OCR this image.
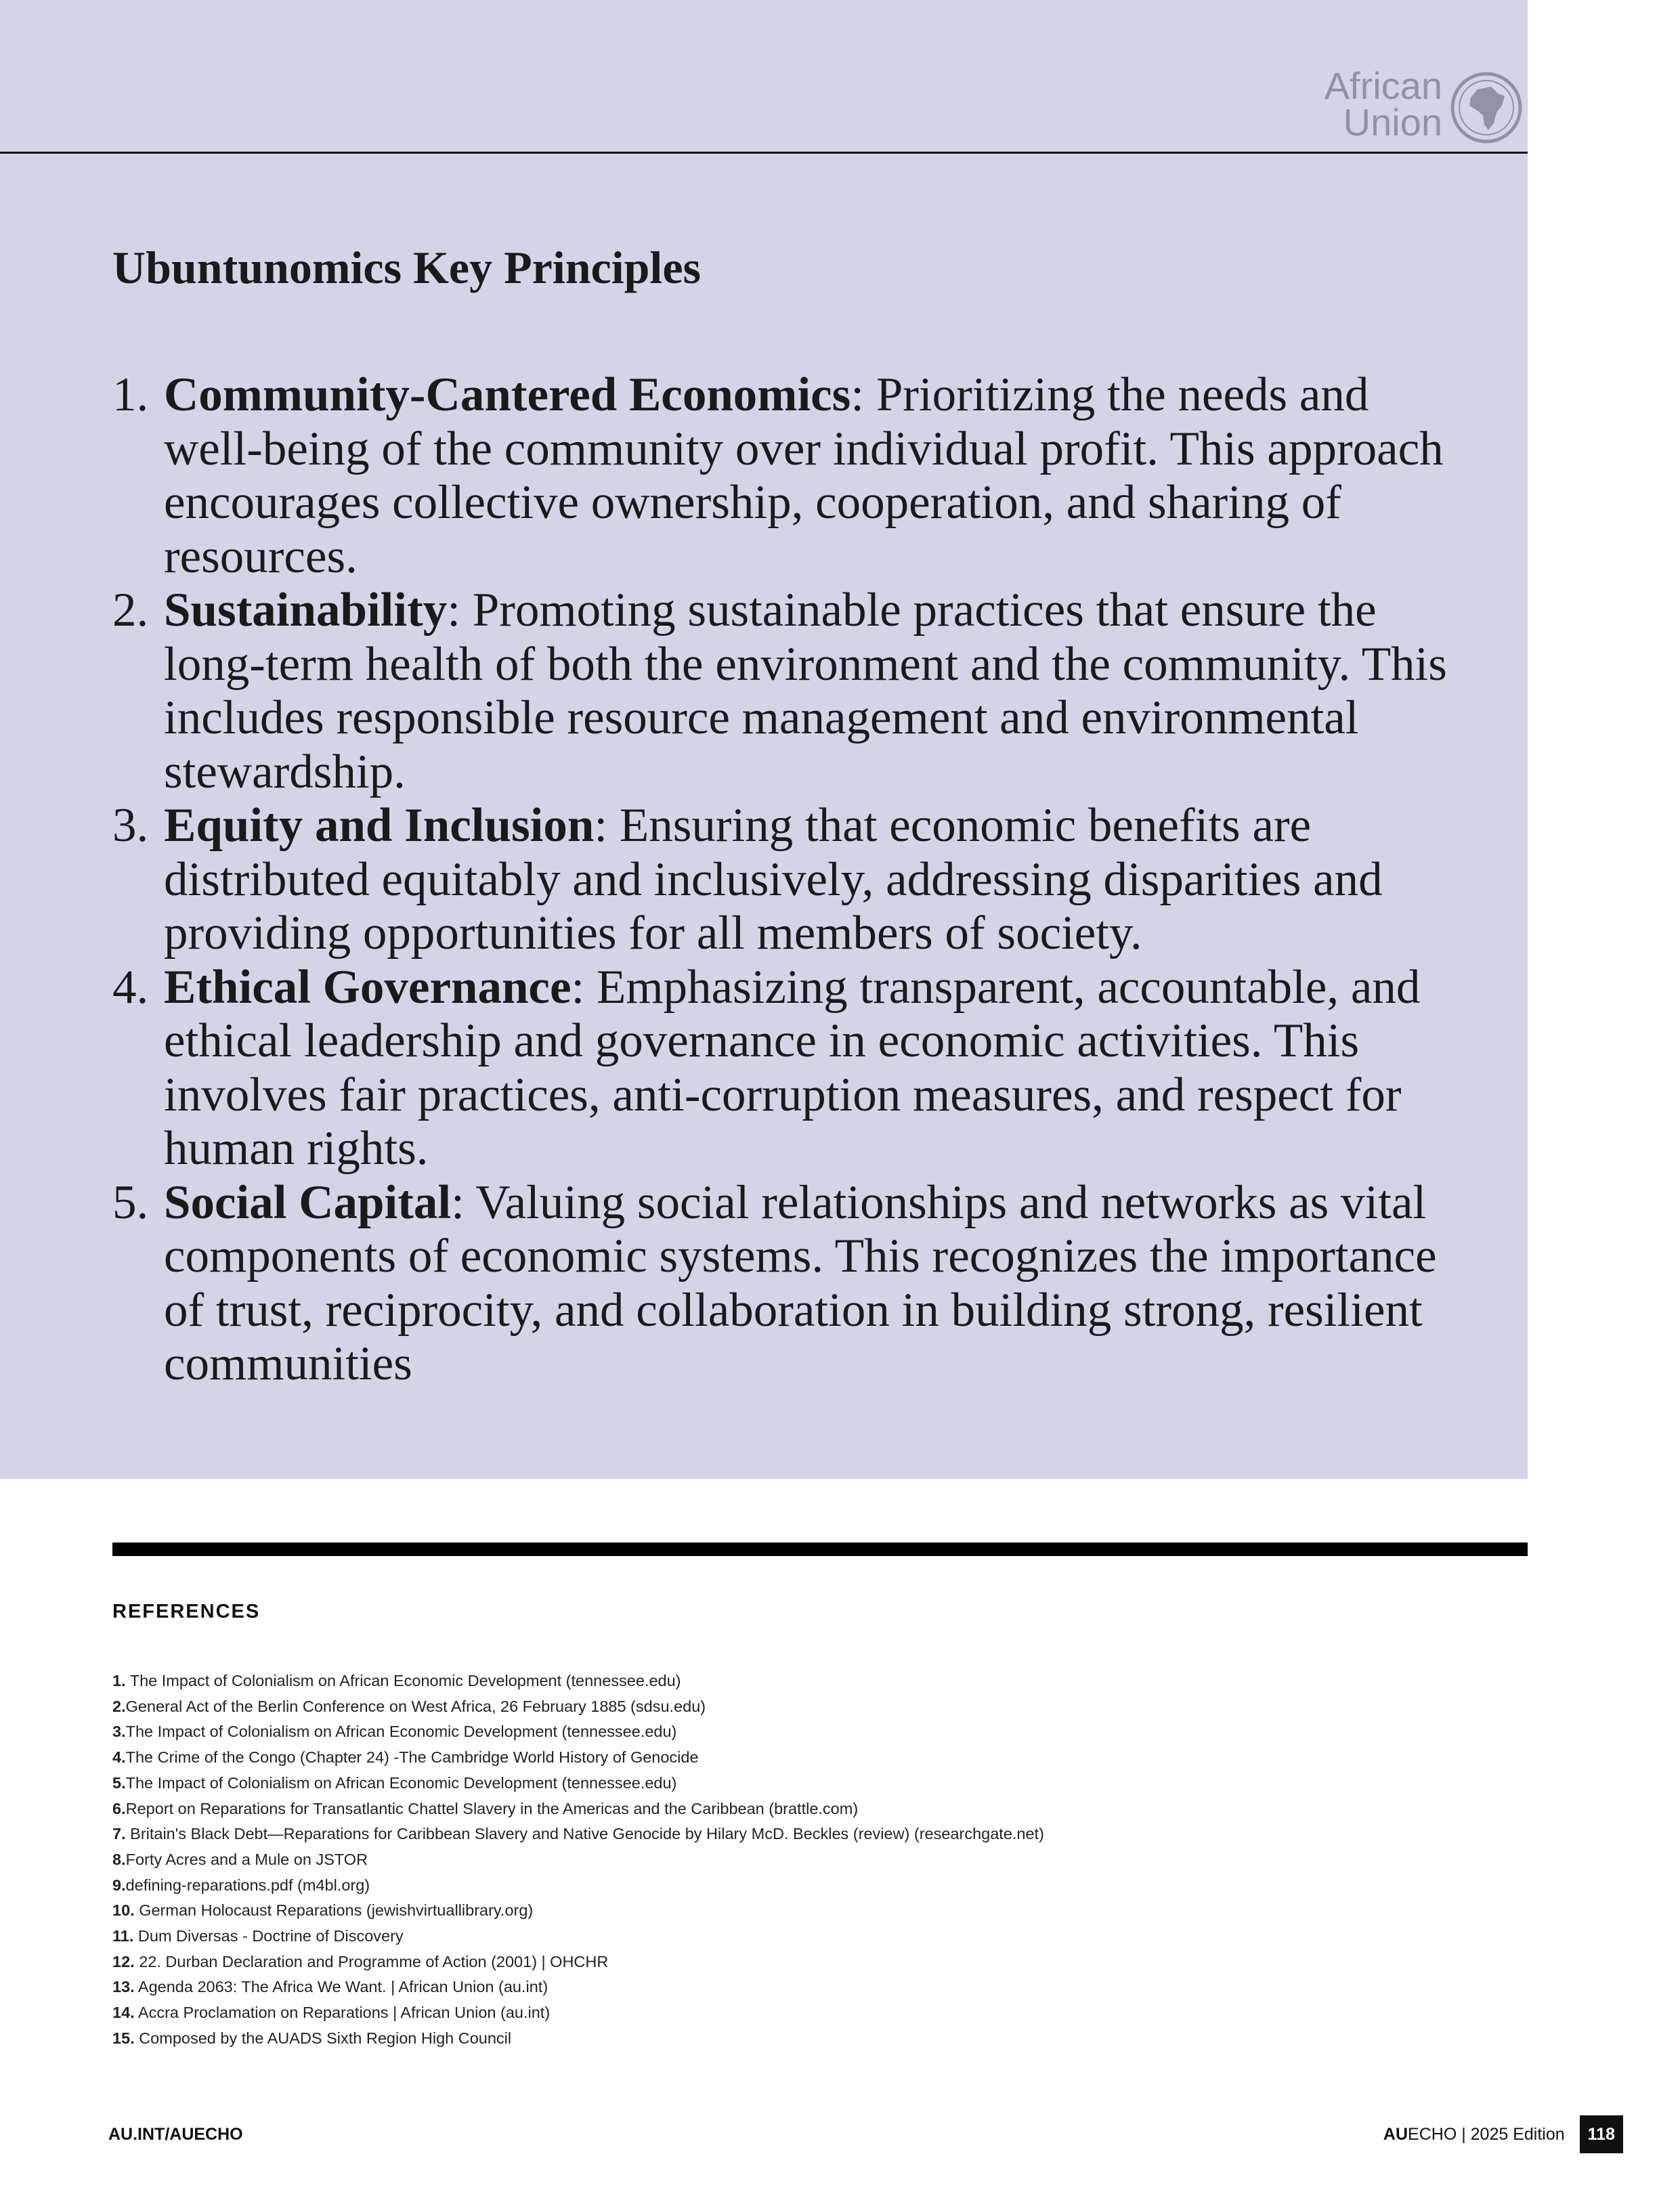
African
Union
Ubuntunomics Key Principles
1. Community-Cantered Economics: Prioritizing the needs and well-being of the community over individual profit. This approach encourages collective ownership, cooperation, and sharing of resources.
2. Sustainability: Promoting sustainable practices that ensure the long-term health of both the environment and the community. This includes responsible resource management and environmental stewardship.
3. Equity and Inclusion: Ensuring that economic benefits are distributed equitably and inclusively, addressing disparities and providing opportunities for all members of society.
4. Ethical Governance: Emphasizing transparent, accountable, and ethical leadership and governance in economic activities. This involves fair practices, anti-corruption measures, and respect for human rights.
5. Social Capital: Valuing social relationships and networks as vital components of economic systems. This recognizes the importance of trust, reciprocity, and collaboration in building strong, resilient communities
REFERENCES
1. The Impact of Colonialism on African Economic Development (tennessee.edu)
2.General Act of the Berlin Conference on West Africa, 26 February 1885 (sdsu.edu)
3.The Impact of Colonialism on African Economic Development (tennessee.edu)
4.The Crime of the Congo (Chapter 24) -The Cambridge World History of Genocide
5.The Impact of Colonialism on African Economic Development (tennessee.edu)
6.Report on Reparations for Transatlantic Chattel Slavery in the Americas and the Caribbean (brattle.com)
7. Britain's Black Debt—Reparations for Caribbean Slavery and Native Genocide by Hilary McD. Beckles (review) (researchgate.net)
8.Forty Acres and a Mule on JSTOR
9.defining-reparations.pdf (m4bl.org)
10. German Holocaust Reparations (jewishvirtuallibrary.org)
11. Dum Diversas - Doctrine of Discovery
12. 22. Durban Declaration and Programme of Action (2001) | OHCHR
13. Agenda 2063: The Africa We Want. | African Union (au.int)
14. Accra Proclamation on Reparations | African Union (au.int)
15. Composed by the AUADS Sixth Region High Council
AU.INT/AUECHO	AUECHO | 2025 Edition	118
